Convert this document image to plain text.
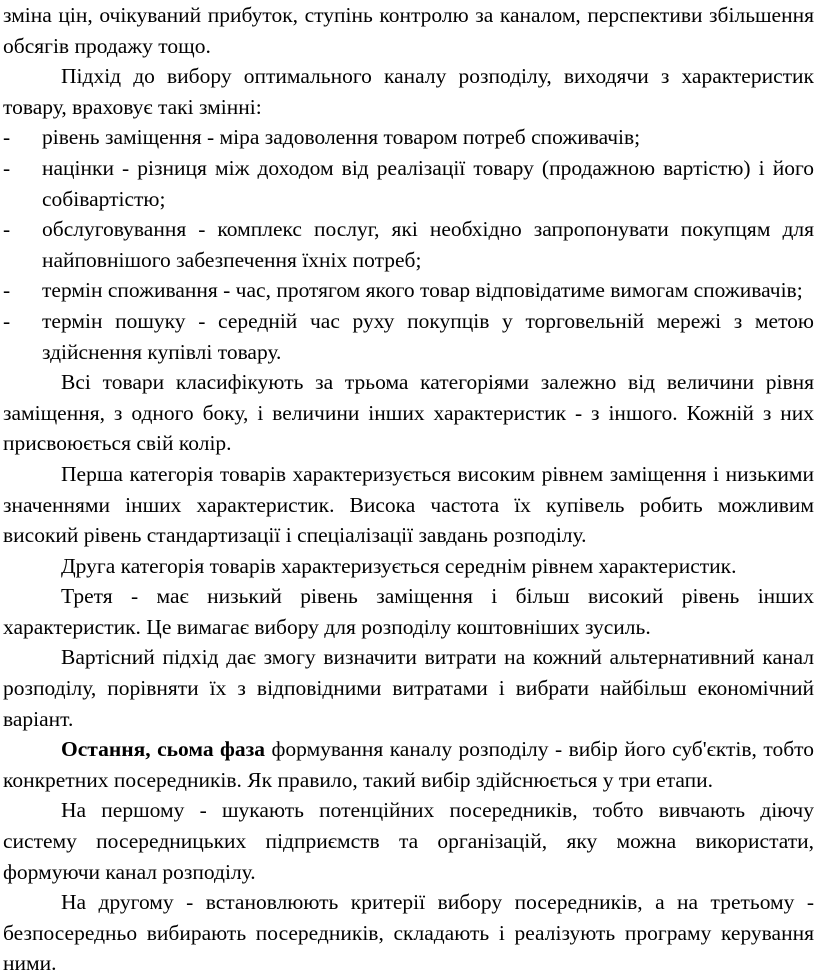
зміна цін, очікуваний прибуток, ступінь контролю за каналом, перспективи збільшення обсягів продажу тощо.

Підхід до вибору оптимального каналу розподілу, виходячи з характеристик товару, враховує такі змінні:

- рівень заміщення - міра задоволення товаром потреб споживачів;
- націнки - різниця між доходом від реалізації товару (продажною вартістю) і його собівартістю;
- обслуговування - комплекс послуг, які необхідно запропонувати покупцям для найповнішого забезпечення їхніх потреб;
- термін споживання - час, протягом якого товар відповідатиме вимогам споживачів;
- термін пошуку - середній час руху покупців у торговельній мережі з метою здійснення купівлі товару.

Всі товари класифікують за трьома категоріями залежно від величини рівня заміщення, з одного боку, і величини інших характеристик - з іншого. Кожній з них присвоюється свій колір.

Перша категорія товарів характеризується високим рівнем заміщення і низькими значеннями інших характеристик. Висока частота їх купівель робить можливим високий рівень стандартизації і спеціалізації завдань розподілу.

Друга категорія товарів характеризується середнім рівнем характеристик.

Третя - має низький рівень заміщення і більш високий рівень інших характеристик. Це вимагає вибору для розподілу коштовніших зусиль.

Вартісний підхід дає змогу визначити витрати на кожний альтернативний канал розподілу, порівняти їх з відповідними витратами і вибрати найбільш економічний варіант.

Остання, сьома фаза формування каналу розподілу - вибір його суб'єктів, тобто конкретних посередників. Як правило, такий вибір здійснюється у три етапи.

На першому - шукають потенційних посередників, тобто вивчають діючу систему посередницьких підприємств та організацій, яку можна використати, формуючи канал розподілу.

На другому - встановлюють критерії вибору посередників, а на третьому - безпосередньо вибирають посередників, складають і реалізують програму керування ними.
